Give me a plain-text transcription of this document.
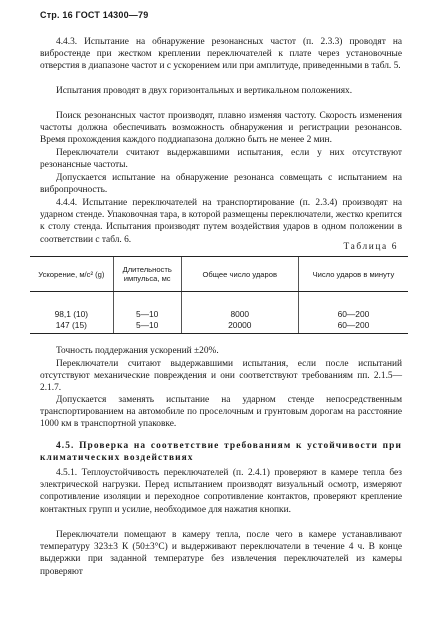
Стр. 16 ГОСТ 14300—79

4.4.3. Испытание на обнаружение резонансных частот (п. 2.3.3) проводят на вибростенде при жестком креплении переключателей к плате через установочные отверстия в диапазоне частот и с ускорением или при амплитуде, приведенными в табл. 5.

Испытания проводят в двух горизонтальных и вертикальном положениях.

Поиск резонансных частот производят, плавно изменяя частоту. Скорость изменения частоты должна обеспечивать возможность обнаружения и регистрации резонансов. Время прохождения каждого поддиапазона должно быть не менее 2 мин.

Переключатели считают выдержавшими испытания, если у них отсутствуют резонансные частоты.

Допускается испытание на обнаружение резонанса совмещать с испытанием на вибропрочность.

4.4.4. Испытание переключателей на транспортирование (п. 2.3.4) производят на ударном стенде. Упаковочная тара, в которой размещены переключатели, жестко крепится к столу стенда. Испытания производят путем воздействия ударов в одном положении в соответствии с табл. 6.

Таблица 6
Ускорение, м/с² (g)	Длительность импульса, мс	Общее число ударов	Число ударов в минуту
98,1 (10)	5—10	8000	60—200
147 (15)	5—10	20000	60—200

Точность поддержания ускорений ±20%.

Переключатели считают выдержавшими испытания, если после испытаний отсутствуют механические повреждения и они соответствуют требованиям пп. 2.1.5—2.1.7.

Допускается заменять испытание на ударном стенде непосредственным транспортированием на автомобиле по проселочным и грунтовым дорогам на расстояние 1000 км в транспортной упаковке.

4.5. Проверка на соответствие требованиям к устойчивости при климатических воздействиях

4.5.1. Теплоустойчивость переключателей (п. 2.4.1) проверяют в камере тепла без электрической нагрузки. Перед испытанием производят визуальный осмотр, измеряют сопротивление изоляции и переходное сопротивление контактов, проверяют крепление контактных групп и усилие, необходимое для нажатия кнопки.

Переключатели помещают в камеру тепла, после чего в камере устанавливают температуру 323±3 К (50±3°С) и выдерживают переключатели в течение 4 ч. В конце выдержки при заданной температуре без извлечения переключателей из камеры проверяют
